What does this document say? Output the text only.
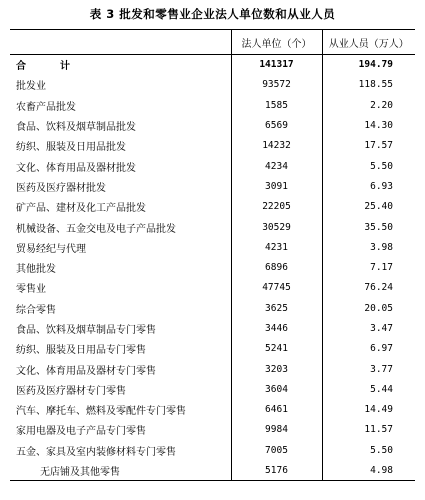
表 3 批发和零售业企业法人单位数和从业人员
	法人单位（个）	从业人员（万人）
合　计	141317	194.79
批发业	93572	118.55
农畜产品批发	1585	2.20
食品、饮料及烟草制品批发	6569	14.30
纺织、服装及日用品批发	14232	17.57
文化、体育用品及器材批发	4234	5.50
医药及医疗器材批发	3091	6.93
矿产品、建材及化工产品批发	22205	25.40
机械设备、五金交电及电子产品批发	30529	35.50
贸易经纪与代理	4231	3.98
其他批发	6896	7.17
零售业	47745	76.24
综合零售	3625	20.05
食品、饮料及烟草制品专门零售	3446	3.47
纺织、服装及日用品专门零售	5241	6.97
文化、体育用品及器材专门零售	3203	3.77
医药及医疗器材专门零售	3604	5.44
汽车、摩托车、燃料及零配件专门零售	6461	14.49
家用电器及电子产品专门零售	9984	11.57
五金、家具及室内装修材料专门零售	7005	5.50
无店铺及其他零售	5176	4.98
